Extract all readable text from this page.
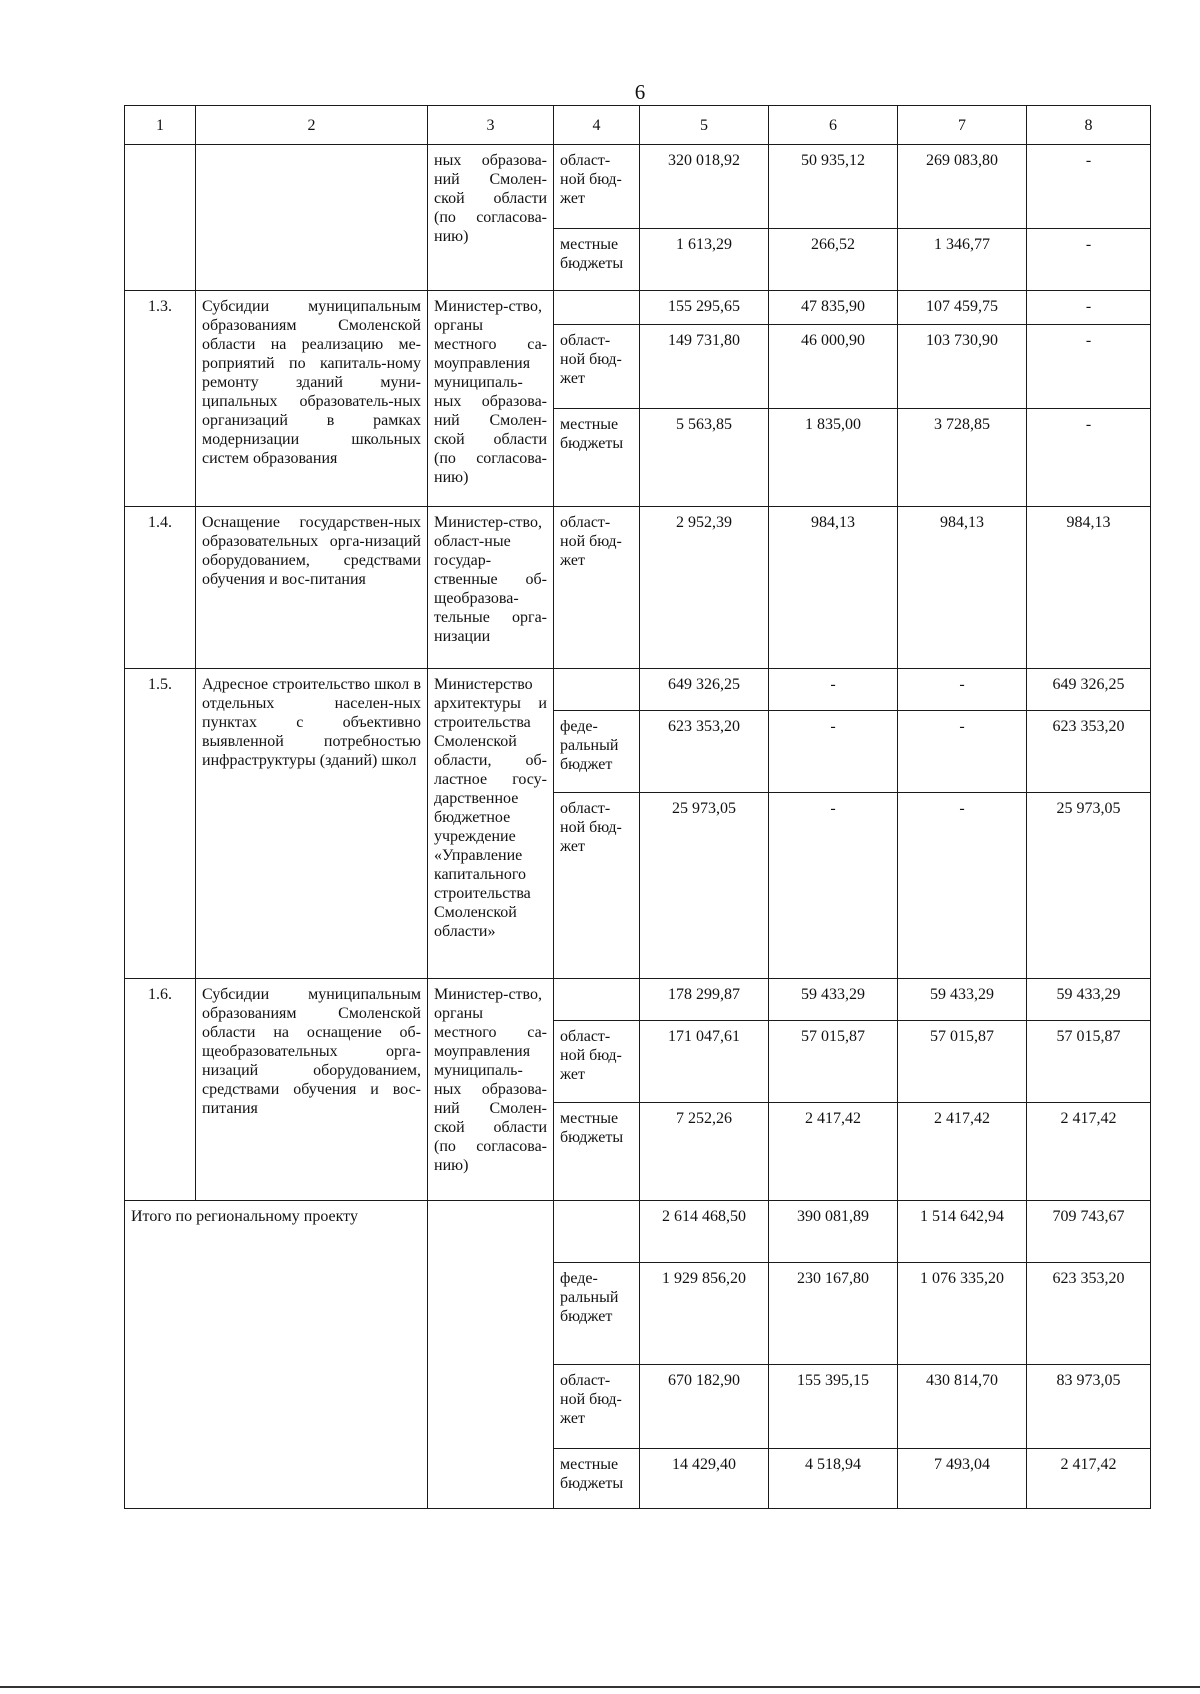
6
1	2	3	4	5	6	7	8
		ных образова-ний Смолен-ской области (по согласова-нию)	област-ной бюд-жет	320 018,92	50 935,12	269 083,80	-
			местные бюджеты	1 613,29	266,52	1 346,77	-
1.3.	Субсидии муниципальным образованиям Смоленской области на реализацию ме-роприятий по капиталь-ному ремонту зданий муни-ципальных образователь-ных организаций в рамках модернизации школьных систем образования	Министер-ство, органы местного са-моуправления муниципаль-ных образова-ний Смолен-ской области (по согласова-нию)		155 295,65	47 835,90	107 459,75	-
			област-ной бюд-жет	149 731,80	46 000,90	103 730,90	-
			местные бюджеты	5 563,85	1 835,00	3 728,85	-
1.4.	Оснащение государствен-ных образовательных орга-низаций оборудованием, средствами обучения и вос-питания	Министер-ство, област-ные государ-ственные об-щеобразова-тельные орга-низации	област-ной бюд-жет	2 952,39	984,13	984,13	984,13
1.5.	Адресное строительство школ в отдельных населен-ных пунктах с объективно выявленной потребностью инфраструктуры (зданий) школ	Министерство архитектуры и строительства Смоленской области, об-ластное госу-дарственное бюджетное учреждение «Управление капитального строительства Смоленской области»		649 326,25	-	-	649 326,25
			феде-ральный бюджет	623 353,20	-	-	623 353,20
			област-ной бюд-жет	25 973,05	-	-	25 973,05
1.6.	Субсидии муниципальным образованиям Смоленской области на оснащение об-щеобразовательных орга-низаций оборудованием, средствами обучения и вос-питания	Министер-ство, органы местного са-моуправления муниципаль-ных образова-ний Смолен-ской области (по согласова-нию)		178 299,87	59 433,29	59 433,29	59 433,29
			област-ной бюд-жет	171 047,61	57 015,87	57 015,87	57 015,87
			местные бюджеты	7 252,26	2 417,42	2 417,42	2 417,42
Итого по региональному проекту				2 614 468,50	390 081,89	1 514 642,94	709 743,67
			феде-ральный бюджет	1 929 856,20	230 167,80	1 076 335,20	623 353,20
			област-ной бюд-жет	670 182,90	155 395,15	430 814,70	83 973,05
			местные бюджеты	14 429,40	4 518,94	7 493,04	2 417,42
